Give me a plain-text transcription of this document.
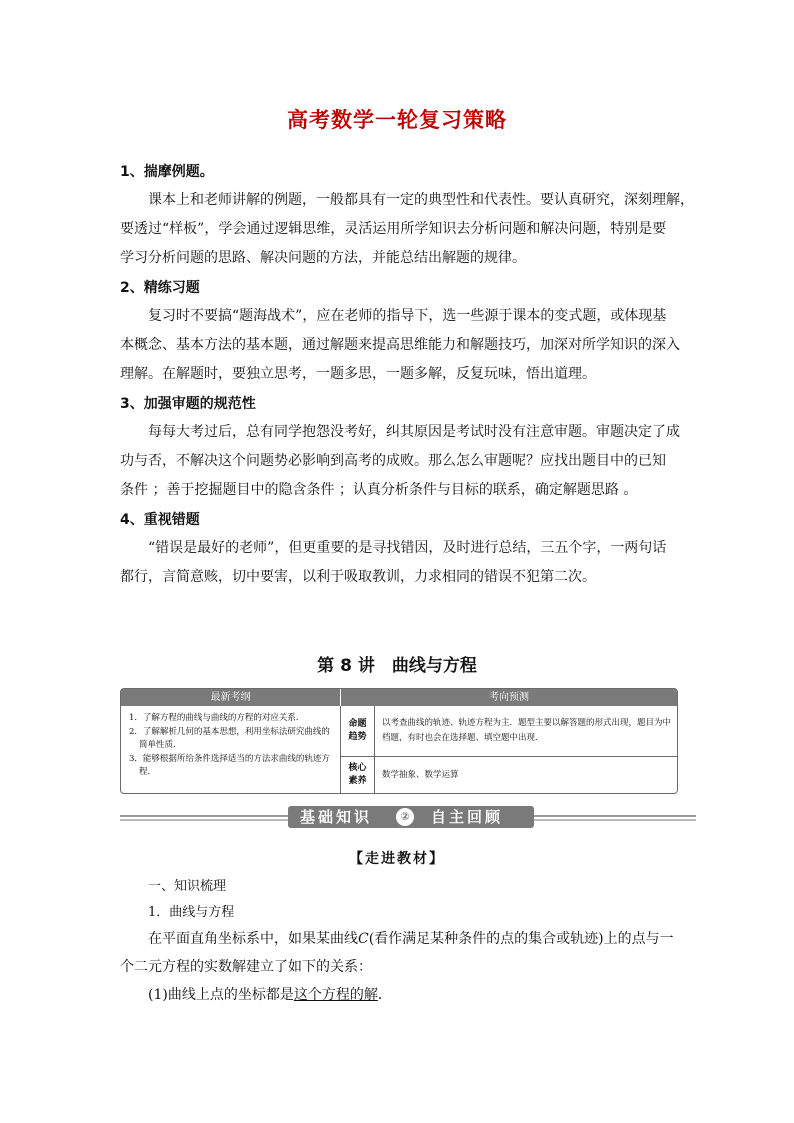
高考数学一轮复习策略
1、揣摩例题。
课本上和老师讲解的例题，一般都具有一定的典型性和代表性。要认真研究，深刻理解，
要透过“样板”，学会通过逻辑思维，灵活运用所学知识去分析问题和解决问题，特别是要
学习分析问题的思路、解决问题的方法，并能总结出解题的规律。
2、精练习题
复习时不要搞“题海战术”，应在老师的指导下，选一些源于课本的变式题，或体现基
本概念、基本方法的基本题，通过解题来提高思维能力和解题技巧，加深对所学知识的深入
理解。在解题时，要独立思考，一题多思，一题多解，反复玩味，悟出道理。
3、加强审题的规范性
每每大考过后，总有同学抱怨没考好，纠其原因是考试时没有注意审题。审题决定了成
功与否，不解决这个问题势必影响到高考的成败。那么怎么审题呢？应找出题目中的已知
条件 ；善于挖掘题目中的隐含条件 ；认真分析条件与目标的联系，确定解题思路 。
4、重视错题
“错误是最好的老师”，但更重要的是寻找错因，及时进行总结，三五个字，一两句话
都行，言简意赅，切中要害，以利于吸取教训，力求相同的错误不犯第二次。
第 8 讲　曲线与方程
最新考纲	考向预测
1．了解方程的曲线与曲线的方程的对应关系．
2．了解解析几何的基本思想，利用坐标法研究曲线的简单性质．
3．能够根据所给条件选择适当的方法求曲线的轨迹方程．
命题
趋势
以考查曲线的轨迹、轨迹方程为主．题型主要以解答题的形式出现，题目为中档题，有时也会在选择题、填空题中出现．
核心
素养
数学抽象、数学运算
基础知识	② 自主回顾
【走进教材】
一、知识梳理
1．曲线与方程
在平面直角坐标系中，如果某曲线C(看作满足某种条件的点的集合或轨迹)上的点与一
个二元方程的实数解建立了如下的关系：
(1)曲线上点的坐标都是这个方程的解．
